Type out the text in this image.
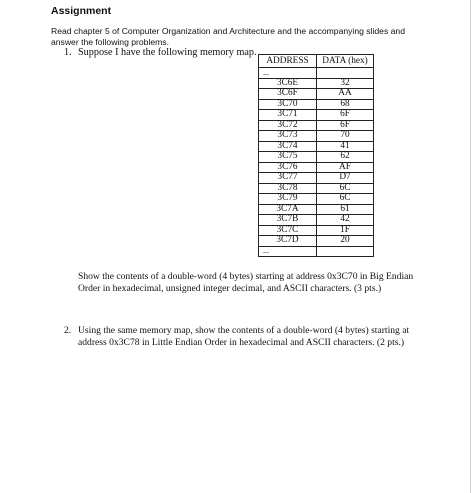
Assignment
Read chapter 5 of Computer Organization and Architecture and the accompanying slides and answer the following problems.
1. Suppose I have the following memory map.
ADDRESS	DATA (hex)
...	
3C6E	32
3C6F	AA
3C70	68
3C71	6F
3C72	6F
3C73	70
3C74	41
3C75	62
3C76	AF
3C77	D7
3C78	6C
3C79	6C
3C7A	61
3C7B	42
3C7C	1F
3C7D	20
...	
Show the contents of a double-word (4 bytes) starting at address 0x3C70 in Big Endian Order in hexadecimal, unsigned integer decimal, and ASCII characters. (3 pts.)
2. Using the same memory map, show the contents of a double-word (4 bytes) starting at address 0x3C78 in Little Endian Order in hexadecimal and ASCII characters. (2 pts.)
